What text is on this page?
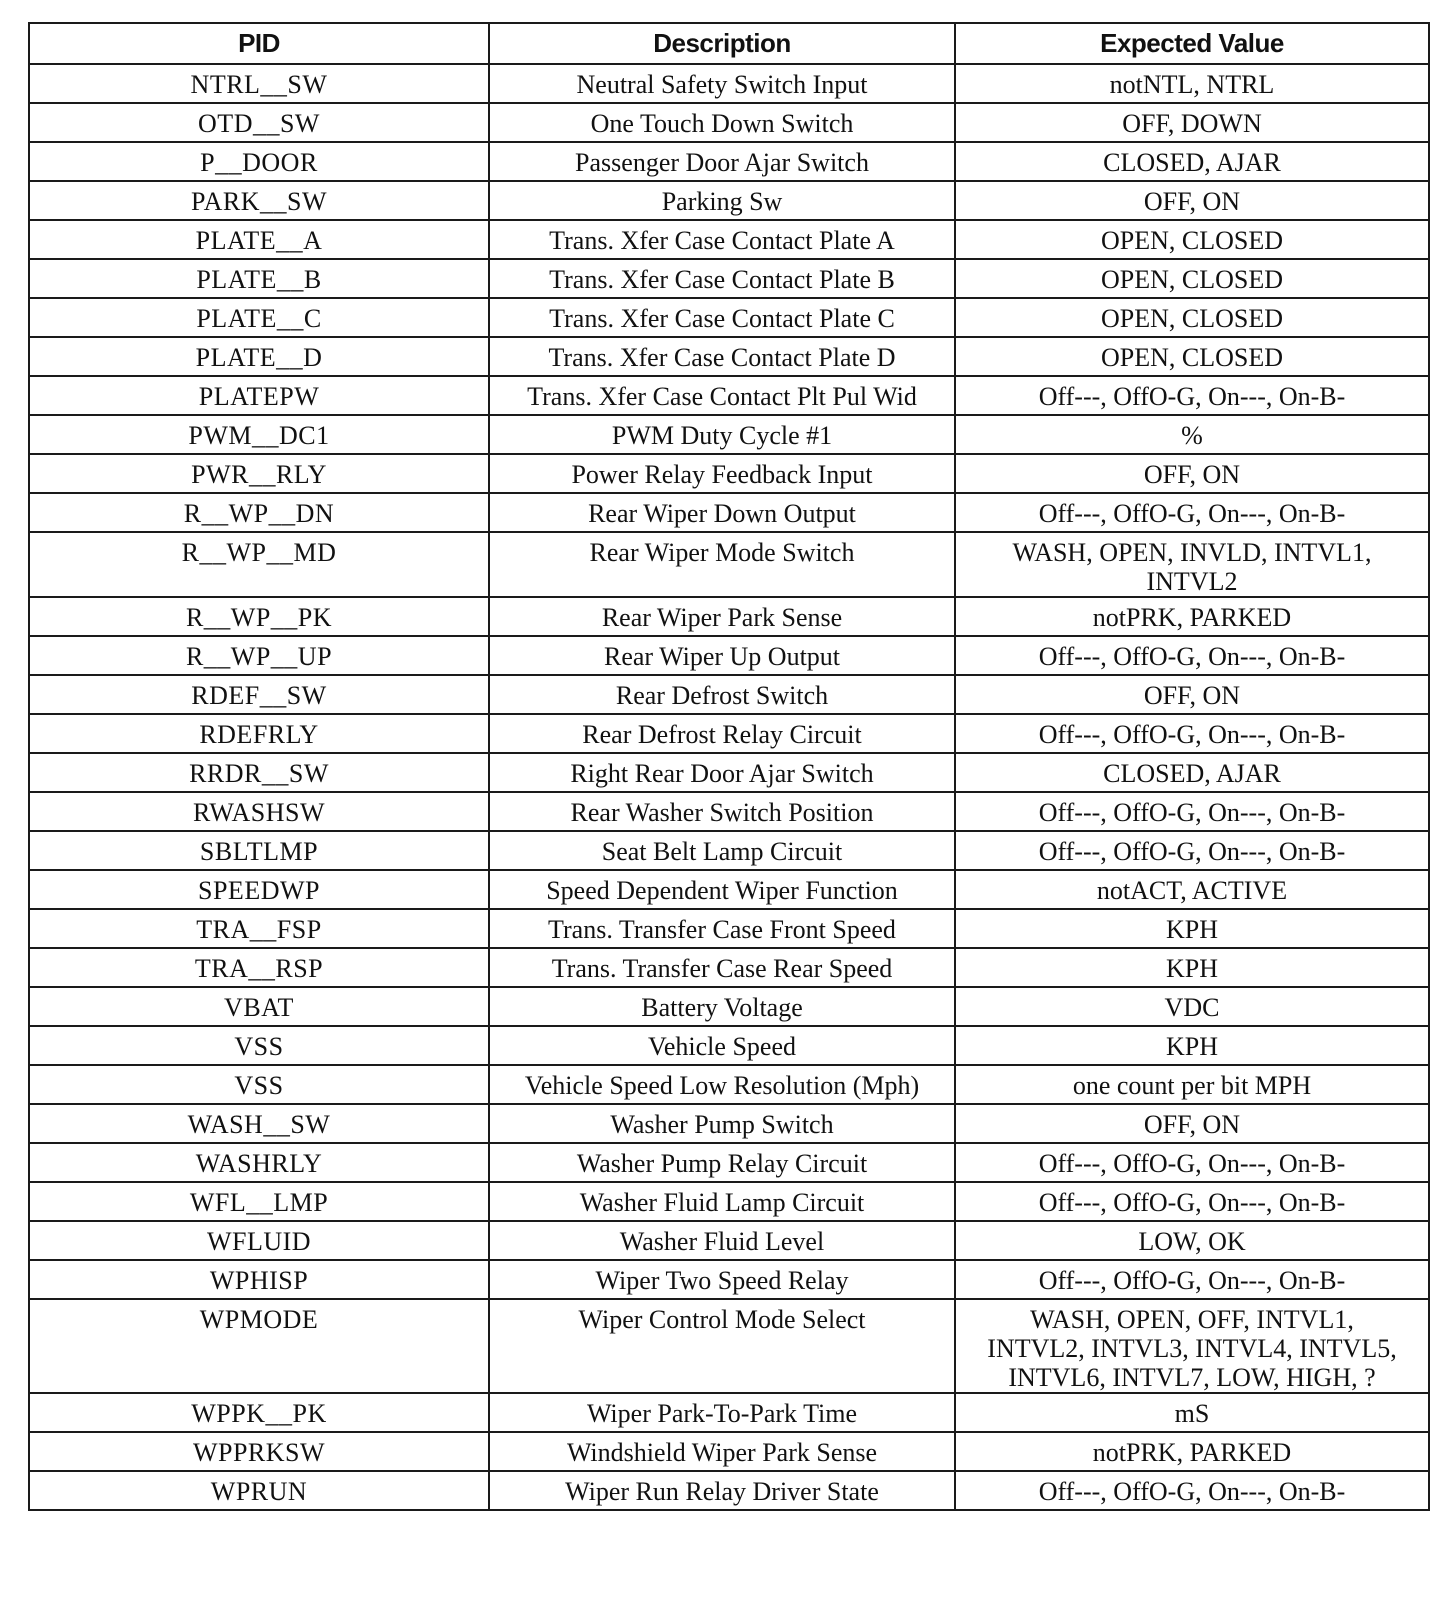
PID	Description	Expected Value
NTRL__SW	Neutral Safety Switch Input	notNTL, NTRL
OTD__SW	One Touch Down Switch	OFF, DOWN
P__DOOR	Passenger Door Ajar Switch	CLOSED, AJAR
PARK__SW	Parking Sw	OFF, ON
PLATE__A	Trans. Xfer Case Contact Plate A	OPEN, CLOSED
PLATE__B	Trans. Xfer Case Contact Plate B	OPEN, CLOSED
PLATE__C	Trans. Xfer Case Contact Plate C	OPEN, CLOSED
PLATE__D	Trans. Xfer Case Contact Plate D	OPEN, CLOSED
PLATEPW	Trans. Xfer Case Contact Plt Pul Wid	Off---, OffO-G, On---, On-B-
PWM__DC1	PWM Duty Cycle #1	%
PWR__RLY	Power Relay Feedback Input	OFF, ON
R__WP__DN	Rear Wiper Down Output	Off---, OffO-G, On---, On-B-
R__WP__MD	Rear Wiper Mode Switch	WASH, OPEN, INVLD, INTVL1,
INTVL2
R__WP__PK	Rear Wiper Park Sense	notPRK, PARKED
R__WP__UP	Rear Wiper Up Output	Off---, OffO-G, On---, On-B-
RDEF__SW	Rear Defrost Switch	OFF, ON
RDEFRLY	Rear Defrost Relay Circuit	Off---, OffO-G, On---, On-B-
RRDR__SW	Right Rear Door Ajar Switch	CLOSED, AJAR
RWASHSW	Rear Washer Switch Position	Off---, OffO-G, On---, On-B-
SBLTLMP	Seat Belt Lamp Circuit	Off---, OffO-G, On---, On-B-
SPEEDWP	Speed Dependent Wiper Function	notACT, ACTIVE
TRA__FSP	Trans. Transfer Case Front Speed	KPH
TRA__RSP	Trans. Transfer Case Rear Speed	KPH
VBAT	Battery Voltage	VDC
VSS	Vehicle Speed	KPH
VSS	Vehicle Speed Low Resolution (Mph)	one count per bit MPH
WASH__SW	Washer Pump Switch	OFF, ON
WASHRLY	Washer Pump Relay Circuit	Off---, OffO-G, On---, On-B-
WFL__LMP	Washer Fluid Lamp Circuit	Off---, OffO-G, On---, On-B-
WFLUID	Washer Fluid Level	LOW, OK
WPHISP	Wiper Two Speed Relay	Off---, OffO-G, On---, On-B-
WPMODE	Wiper Control Mode Select	WASH, OPEN, OFF, INTVL1,
INTVL2, INTVL3, INTVL4, INTVL5,
INTVL6, INTVL7, LOW, HIGH, ?
WPPK__PK	Wiper Park-To-Park Time	mS
WPPRKSW	Windshield Wiper Park Sense	notPRK, PARKED
WPRUN	Wiper Run Relay Driver State	Off---, OffO-G, On---, On-B-
